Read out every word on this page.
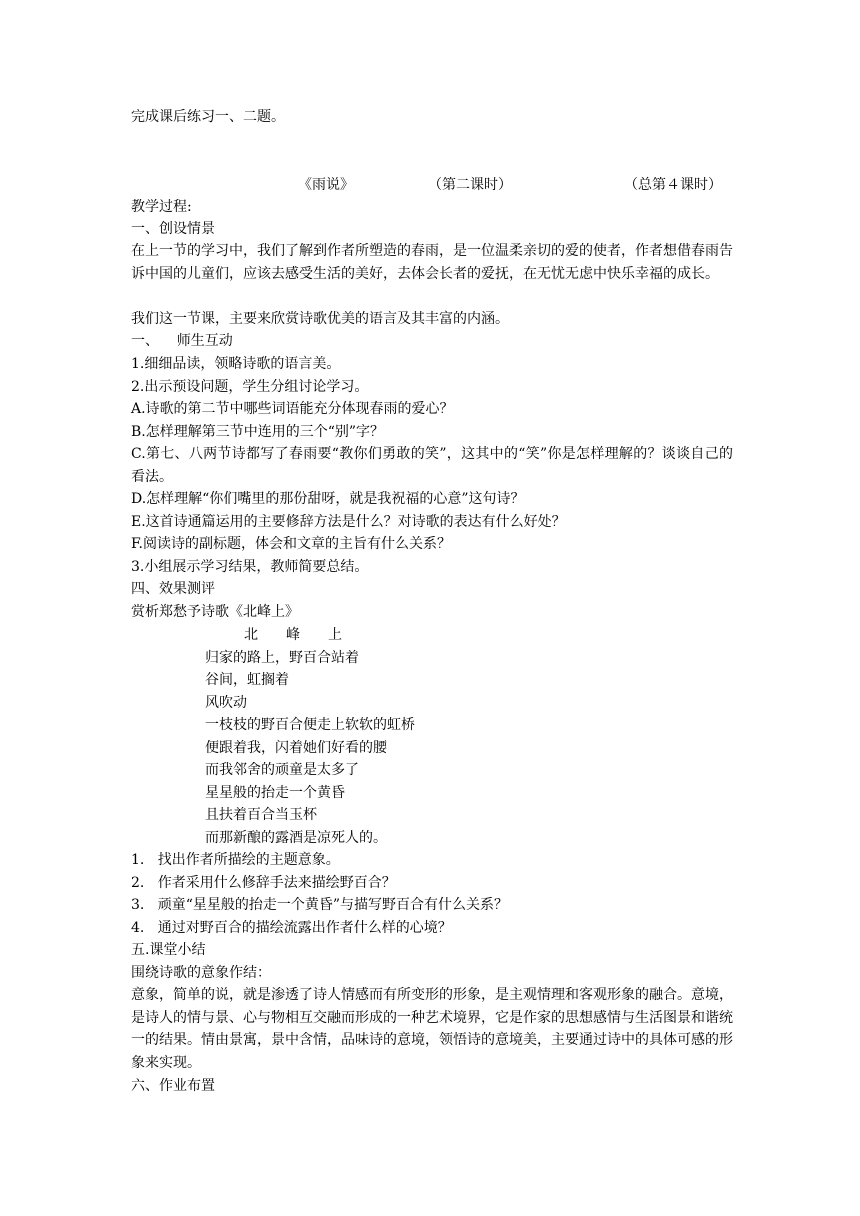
完成课后练习一、二题。
《雨说》	（第二课时）	（总第４课时）
教学过程:
一、创设情景
在上一节的学习中，我们了解到作者所塑造的春雨，是一位温柔亲切的爱的使者，作者想借春雨告诉中国的儿童们，应该去感受生活的美好，去体会长者的爱抚，在无忧无虑中快乐幸福的成长。
我们这一节课，主要来欣赏诗歌优美的语言及其丰富的内涵。
一、    师生互动
1.细细品读，领略诗歌的语言美。
2.出示预设问题，学生分组讨论学习。
A.诗歌的第二节中哪些词语能充分体现春雨的爱心？
B.怎样理解第三节中连用的三个“别”字？
C.第七、八两节诗都写了春雨要“教你们勇敢的笑”，这其中的“笑”你是怎样理解的？谈谈自己的看法。
D.怎样理解“你们嘴里的那份甜呀，就是我祝福的心意”这句诗？
E.这首诗通篇运用的主要修辞方法是什么？对诗歌的表达有什么好处？
F.阅读诗的副标题，体会和文章的主旨有什么关系？
3.小组展示学习结果，教师简要总结。
四、效果测评
赏析郑愁予诗歌《北峰上》
北峰上
归家的路上，野百合站着
谷间，虹搁着
风吹动
一枝枝的野百合便走上软软的虹桥
便跟着我，闪着她们好看的腰
而我邻舍的顽童是太多了
星星般的抬走一个黄昏
且扶着百合当玉杯
而那新酿的露酒是凉死人的。
1.   找出作者所描绘的主题意象。
2.   作者采用什么修辞手法来描绘野百合？
3.   顽童“星星般的抬走一个黄昏”与描写野百合有什么关系？
4.   通过对野百合的描绘流露出作者什么样的心境？
五.课堂小结
围绕诗歌的意象作结：
意象，简单的说，就是渗透了诗人情感而有所变形的形象，是主观情理和客观形象的融合。意境，是诗人的情与景、心与物相互交融而形成的一种艺术境界，它是作家的思想感情与生活图景和谐统一的结果。情由景寓，景中含情，品味诗的意境，领悟诗的意境美，主要通过诗中的具体可感的形象来实现。
六、作业布置
